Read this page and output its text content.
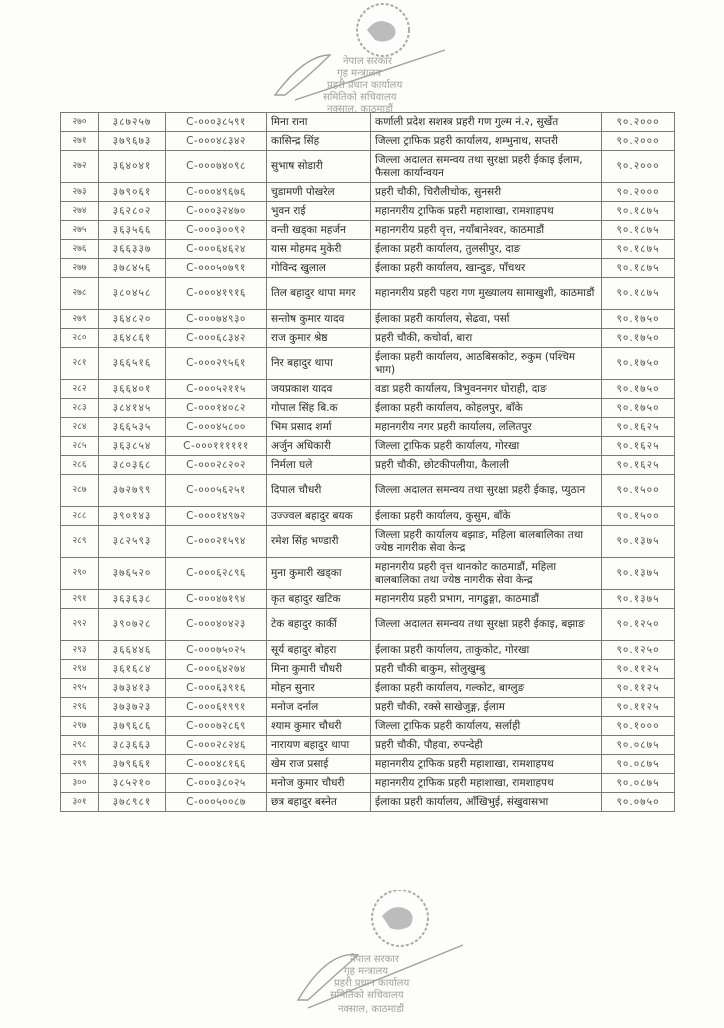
नेपाल सरकार
गृह मन्त्रालय
प्रहरी प्रधान कार्यालय
समितिको सचिवालय
नक्साल, काठमाडौं
२७०	३८७२५७	C-०००३८५९१	मिना राना	कर्णाली प्रदेश सशस्त्र प्रहरी गण गुल्म नं.२, सुर्खेत	९०.२०००
२७१	३७९६७३	C-०००४८३४२	कासिन्द्र सिंह	जिल्ला ट्राफिक प्रहरी कार्यालय, शम्भुनाथ, सप्तरी	९०.२०००
२७२	३६४०४१	C-०००७४०९८	सुभाष सोडारी	जिल्ला अदालत समन्वय तथा सुरक्षा प्रहरी ईकाइ ईलाम, फैसला कार्यान्वयन	९०.२०००
२७३	३७९०६१	C-०००४९६७६	चुडामणी पोखरेल	प्रहरी चौकी, चिरौलीचोक, सुनसरी	९०.२०००
२७४	३६२८०२	C-०००३२४७०	भुवन राई	महानगरीय ट्राफिक प्रहरी महाशाखा, रामशाहपथ	९०.१८७५
२७५	३६३५६६	C-०००३००९२	वन्ती खड्का महर्जन	महानगरीय प्रहरी वृत्त, नयाँबानेश्वर, काठमाडौं	९०.१८७५
२७६	३६६३३७	C-०००६४६२४	यास मोहमद मुकेरी	ईलाका प्रहरी कार्यालय, तुलसीपुर, दाङ	९०.१८७५
२७७	३७८४५६	C-०००५०७९१	गोविन्द खुलाल	ईलाका प्रहरी कार्यालय, खान्दुङ, पाँचथर	९०.१८७५
२७८	३८०४५८	C-०००४१९१६	तिल बहादुर थापा मगर	महानगरीय प्रहरी पहरा गण मुख्यालय सामाखुशी, काठमाडौं	९०.१८७५
२७९	३६४८२०	C-०००७४९३०	सन्तोष कुमार यादव	ईलाका प्रहरी कार्यालय, सेढवा, पर्सा	९०.१७५०
२८०	३६४८६१	C-०००६८३४२	राज कुमार श्रेष्ठ	प्रहरी चौकी, कचोर्वा, बारा	९०.१७५०
२८१	३६६५१६	C-०००२९५६१	निर बहादुर थापा	ईलाका प्रहरी कार्यालय, आठबिसकोट, रुकुम (पश्चिम भाग)	९०.१७५०
२८२	३६६४०१	C-०००५२११५	जयप्रकाश यादव	वडा प्रहरी कार्यालय, त्रिभुवननगर घोराही, दाङ	९०.१७५०
२८३	३८४१४५	C-०००१४०८२	गोपाल सिंह बि.क	ईलाका प्रहरी कार्यालय, कोहलपुर, बाँके	९०.१७५०
२८४	३६६५३५	C-०००४५८००	भिम प्रसाद शर्मा	महानगरीय नगर प्रहरी कार्यालय, ललितपुर	९०.१६२५
२८५	३६३८५४	C-०००११११११	अर्जुन अधिकारी	जिल्ला ट्राफिक प्रहरी कार्यालय, गोरखा	९०.१६२५
२८६	३८०३६८	C-०००२८२०२	निर्मला घले	प्रहरी चौकी, छोटकीपलीया, कैलाली	९०.१६२५
२८७	३७२७९९	C-०००५६२५१	दिपाल चौधरी	जिल्ला अदालत समन्वय तथा सुरक्षा प्रहरी ईकाइ, प्युठान	९०.१५००
२८८	३९०१४३	C-०००१४९७२	उज्ज्वल बहादुर बयक	ईलाका प्रहरी कार्यालय, कुसुम, बाँके	९०.१५००
२८९	३८२५९३	C-०००२१५९४	रमेश सिंह भण्डारी	जिल्ला प्रहरी कार्यालय बझाङ, महिला बालबालिका तथा ज्येष्ठ नागरीक सेवा केन्द्र	९०.१३७५
२९०	३७६५२०	C-०००६२८९६	मुना कुमारी खड्का	महानगरीय प्रहरी वृत्त थानकोट काठमाडौं, महिला बालबालिका तथा ज्येष्ठ नागरीक सेवा केन्द्र	९०.१३७५
२९१	३६३६३८	C-०००४७१९४	कृत बहादुर खटिक	महानगरीय प्रहरी प्रभाग, नागढुङ्गा, काठमाडौं	९०.१३७५
२९२	३९०७२८	C-०००४०४२३	टेक बहादुर कार्की	जिल्ला अदालत समन्वय तथा सुरक्षा प्रहरी ईकाइ, बझाङ	९०.१२५०
२९३	३६६४४६	C-०००७५०२५	सूर्य बहादुर बोहरा	ईलाका प्रहरी कार्यालय, ताकुकोट, गोरखा	९०.१२५०
२९४	३६१६८४	C-०००६४२७४	मिना कुमारी चौधरी	प्रहरी चौकी बाकुम, सोलुखुम्बु	९०.११२५
२९५	३७३४१३	C-०००६३९१६	मोहन सुनार	ईलाका प्रहरी कार्यालय, गल्कोट, बाग्लुङ	९०.११२५
२९६	३७३७२३	C-०००६१९९१	मनोज दर्नाल	प्रहरी चौकी, रक्से साखेजुङ्ग, ईलाम	९०.११२५
२९७	३७९६८६	C-०००७२८६९	श्याम कुमार चौधरी	जिल्ला ट्राफिक प्रहरी कार्यालय, सर्लाही	९०.१०००
२९८	३८३६६३	C-०००२८२४६	नारायण बहादुर थापा	प्रहरी चौकी, पौहवा, रुपन्देही	९०.०८७५
२९९	३७९६६१	C-०००४८१६६	खेम राज प्रसाई	महानगरीय ट्राफिक प्रहरी महाशाखा, रामशाहपथ	९०.०८७५
३००	३८५२१०	C-०००३८०२५	मनोज कुमार चौधरी	महानगरीय ट्राफिक प्रहरी महाशाखा, रामशाहपथ	९०.०८७५
३०१	३७८९८१	C-०००५००८७	छत्र बहादुर बस्नेत	ईलाका प्रहरी कार्यालय, आँखिभुई, संखुवासभा	९०.०७५०
नेपाल सरकार
गृह मन्त्रालय
प्रहरी प्रधान कार्यालय
समितिको सचिवालय
नक्साल, काठमाडौं
